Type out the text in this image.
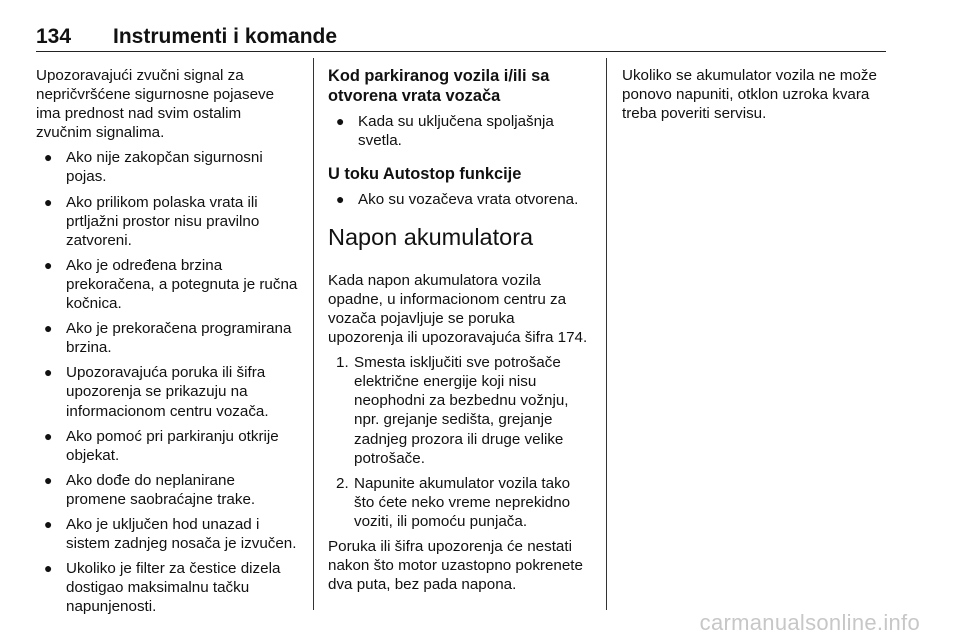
134 Instrumenti i komande

Upozoravajući zvučni signal za nepričvršćene sigurnosne pojaseve ima prednost nad svim ostalim zvučnim signalima.

● Ako nije zakopčan sigurnosni pojas.
● Ako prilikom polaska vrata ili prtljažni prostor nisu pravilno zatvoreni.
● Ako je određena brzina prekoračena, a potegnuta je ručna kočnica.
● Ako je prekoračena programirana brzina.
● Upozoravajuća poruka ili šifra upozorenja se prikazuju na informacionom centru vozača.
● Ako pomoć pri parkiranju otkrije objekat.
● Ako dođe do neplanirane promene saobraćajne trake.
● Ako je uključen hod unazad i sistem zadnjeg nosača je izvučen.
● Ukoliko je filter za čestice dizela dostigao maksimalnu tačku napunjenosti.

Kod parkiranog vozila i/ili sa otvorena vrata vozača

● Kada su uključena spoljašnja svetla.

U toku Autostop funkcije

● Ako su vozačeva vrata otvorena.
Napon akumulatora

Kada napon akumulatora vozila opadne, u informacionom centru za vozača pojavljuje se poruka upozorenja ili upozoravajuća šifra 174.

1. Smesta isključiti sve potrošače električne energije koji nisu neophodni za bezbednu vožnju, npr. grejanje sedišta, grejanje zadnjeg prozora ili druge velike potrošače.
2. Napunite akumulator vozila tako što ćete neko vreme neprekidno voziti, ili pomoću punjača.

Poruka ili šifra upozorenja će nestati nakon što motor uzastopno pokrenete dva puta, bez pada napona.

Ukoliko se akumulator vozila ne može ponovo napuniti, otklon uzroka kvara treba poveriti servisu.

carmanualsonline.info
